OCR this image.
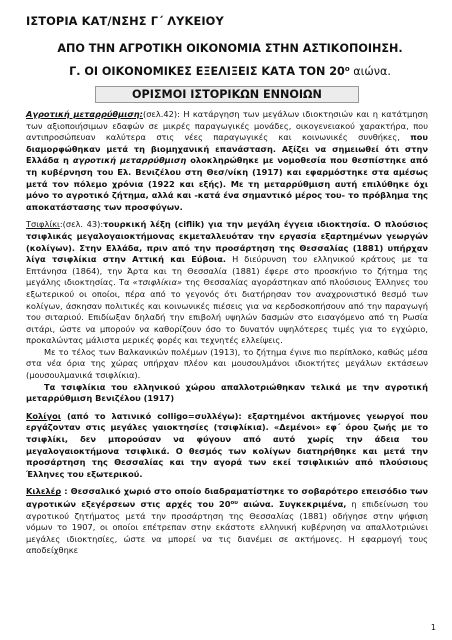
ΙΣΤΟΡΙΑ ΚΑΤ/ΝΣΗΣ Γ΄ ΛΥΚΕΙΟΥ
ΑΠΟ ΤΗΝ ΑΓΡΟΤΙΚΗ ΟΙΚΟΝΟΜΙΑ ΣΤΗΝ ΑΣΤΙΚΟΠΟΙΗΣΗ.
Γ. ΟΙ ΟΙΚΟΝΟΜΙΚΕΣ ΕΞΕΛΙΞΕΙΣ ΚΑΤΑ ΤΟΝ $20^o$ αιώνα.
ΟΡΙΣΜΟΙ ΙΣΤΟΡΙΚΩΝ ΕΝΝΟΙΩΝ

Αγροτική μεταρρύθμιση:(σελ.42): Η κατάργηση των μεγάλων ιδιοκτησιών και η κατάτμηση των αξιοποιήσιμων εδαφών σε μικρές παραγωγικές μονάδες, οικογενειακού χαρακτήρα, που αντιπροσώπευαν καλύτερα στις νέες παραγωγικές και κοινωνικές συνθήκες, που διαμορφώθηκαν μετά τη βιομηχανική επανάσταση. Αξίζει να σημειωθεί ότι στην Ελλάδα η αγροτική μεταρρύθμιση ολοκληρώθηκε με νομοθεσία που θεσπίστηκε από τη κυβέρνηση του Ελ. Βενιζέλου στη Θεσ/νίκη (1917) και εφαρμόστηκε στα αμέσως μετά τον πόλεμο χρόνια (1922 και εξής). Με τη μεταρρύθμιση αυτή επιλύθηκε όχι μόνο το αγροτικό ζήτημα, αλλά και -κατά ένα σημαντικό μέρος του- το πρόβλημα της αποκατάστασης των προσφύγων.

Τσιφλίκι:(σελ. 43):τουρκική λέξη (ciflik) για την μεγάλη έγγεια ιδιοκτησία. Ο πλούσιος τσιφλικάς μεγαλογαιοκτήμονας εκμεταλλευόταν την εργασία εξαρτημένων γεωργών (κολίγων). Στην Ελλάδα, πριν από την προσάρτηση της Θεσσαλίας (1881) υπήρχαν λίγα τσιφλίκια στην Αττική και Εύβοια. Η διεύρυνση του ελληνικού κράτους με τα Επτάνησα (1864), την Άρτα και τη Θεσσαλία (1881) έφερε στο προσκήνιο το ζήτημα της μεγάλης ιδιοκτησίας. Τα «τσιφλίκια» της Θεσσαλίας αγοράστηκαν από πλούσιους Έλληνες του εξωτερικού οι οποίοι, πέρα από το γεγονός ότι διατήρησαν τον αναχρονιστικό θεσμό των κολίγων, άσκησαν πολιτικές και κοινωνικές πιέσεις για να κερδοσκοπήσουν από την παραγωγή του σιταριού. Επιδίωξαν δηλαδή την επιβολή υψηλών δασμών στο εισαγόμενο από τη Ρωσία σιτάρι, ώστε να μπορούν να καθορίζουν όσο το δυνατόν υψηλότερες τιμές για το εγχώριο, προκαλώντας μάλιστα μερικές φορές και τεχνητές ελλείψεις.

Με το τέλος των Βαλκανικών πολέμων (1913), το ζήτημα έγινε πιο περίπλοκο, καθώς μέσα στα νέα όρια της χώρας υπήρχαν πλέον και μουσουλμάνοι ιδιοκτήτες μεγάλων εκτάσεων (μουσουλμανικά τσιφλίκια).

Τα τσιφλίκια του ελληνικού χώρου απαλλοτριώθηκαν τελικά με την αγροτική μεταρρύθμιση Βενιζέλου (1917)

Κολίγοι (από το λατινικό colligo=συλλέγω): εξαρτημένοι ακτήμονες γεωργοί που εργάζονταν στις μεγάλες γαιοκτησίες (τσιφλίκια). «Δεμένοι» εφ΄ όρου ζωής με το τσιφλίκι, δεν μπορούσαν να φύγουν από αυτό χωρίς την άδεια του μεγαλογαιοκτήμονα τσιφλικά. Ο θεσμός των κολίγων διατηρήθηκε και μετά την προσάρτηση της Θεσσαλίας και την αγορά των εκεί τσιφλικιών από πλούσιους Έλληνες του εξωτερικού.

Κιλελέρ : Θεσσαλικό χωριό στο οποίο διαδραματίστηκε το σοβαρότερο επεισόδιο των αγροτικών εξεγέρσεων στις αρχές του $20^{o\upsilon}$ αιώνα. Συγκεκριμένα, η επιδείνωση του αγροτικού ζητήματος μετά την προσάρτηση της Θεσσαλίας (1881) οδήγησε στην ψήφιση νόμων το 1907, οι οποίοι επέτρεπαν στην εκάστοτε ελληνική κυβέρνηση να απαλλοτριώνει μεγάλες ιδιοκτησίες, ώστε να μπορεί να τις διανέμει σε ακτήμονες. Η εφαρμογή τους αποδείχθηκε

1
